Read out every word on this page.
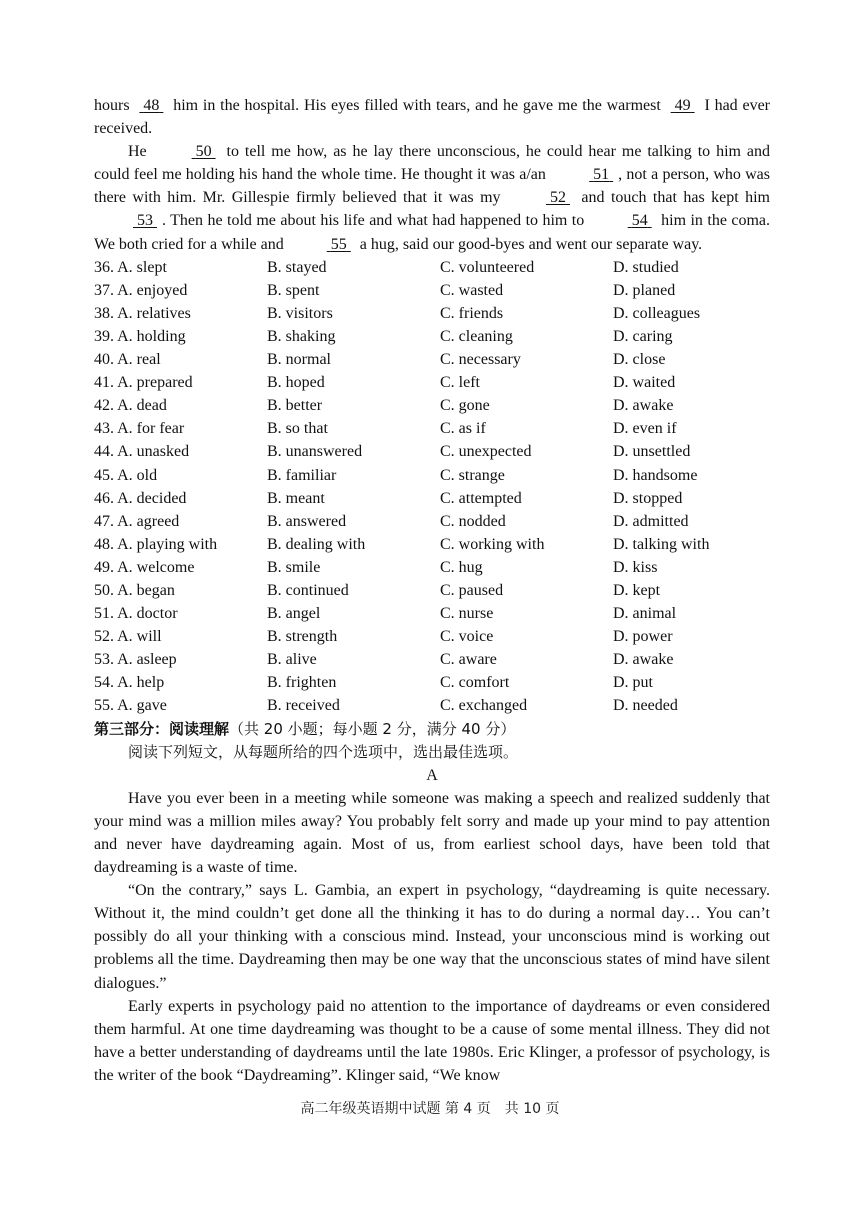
hours 48 him in the hospital. His eyes filled with tears, and he gave me the warmest 49 I had ever received.

He	50 to tell me how, as he lay there unconscious, he could hear me talking to him and could feel me holding his hand the whole time. He thought it was a/an	51 , not a person, who was there with him. Mr. Gillespie firmly believed that it was my	52 and touch that has kept him 53 . Then he told me about his life and what had happened to him to	54 him in the coma. We both cried for a while and	55 a hug, said our good-byes and went our separate way.

36. A. slept	B. stayed	C. volunteered	D. studied
37. A. enjoyed	B. spent	C. wasted	D. planed
38. A. relatives	B. visitors	C. friends	D. colleagues
39. A. holding	B. shaking	C. cleaning	D. caring
40. A. real	B. normal	C. necessary	D. close
41. A. prepared	B. hoped	C. left	D. waited
42. A. dead	B. better	C. gone	D. awake
43. A. for fear	B. so that	C. as if	D. even if
44. A. unasked	B. unanswered	C. unexpected	D. unsettled
45. A. old	B. familiar	C. strange	D. handsome
46. A. decided	B. meant	C. attempted	D. stopped
47. A. agreed	B. answered	C. nodded	D. admitted
48. A. playing with	B. dealing with	C. working with	D. talking with
49. A. welcome	B. smile	C. hug	D. kiss
50. A. began	B. continued	C. paused	D. kept
51. A. doctor	B. angel	C. nurse	D. animal
52. A. will	B. strength	C. voice	D. power
53. A. asleep	B. alive	C. aware	D. awake
54. A. help	B. frighten	C. comfort	D. put
55. A. gave	B. received	C. exchanged	D. needed

第三部分：阅读理解（共 20 小题；每小题 2 分，满分 40 分）

阅读下列短文，从每题所给的四个选项中，选出最佳选项。

A

Have you ever been in a meeting while someone was making a speech and realized suddenly that your mind was a million miles away? You probably felt sorry and made up your mind to pay attention and never have daydreaming again. Most of us, from earliest school days, have been told that daydreaming is a waste of time.

“On the contrary,” says L. Gambia, an expert in psychology, “daydreaming is quite necessary. Without it, the mind couldn’t get done all the thinking it has to do during a normal day… You can’t possibly do all your thinking with a conscious mind. Instead, your unconscious mind is working out problems all the time. Daydreaming then may be one way that the unconscious states of mind have silent dialogues.”

Early experts in psychology paid no attention to the importance of daydreams or even considered them harmful. At one time daydreaming was thought to be a cause of some mental illness. They did not have a better understanding of daydreams until the late 1980s. Eric Klinger, a professor of psychology, is the writer of the book “Daydreaming”. Klinger said, “We know

高二年级英语期中试题 第 4 页　共 10 页
